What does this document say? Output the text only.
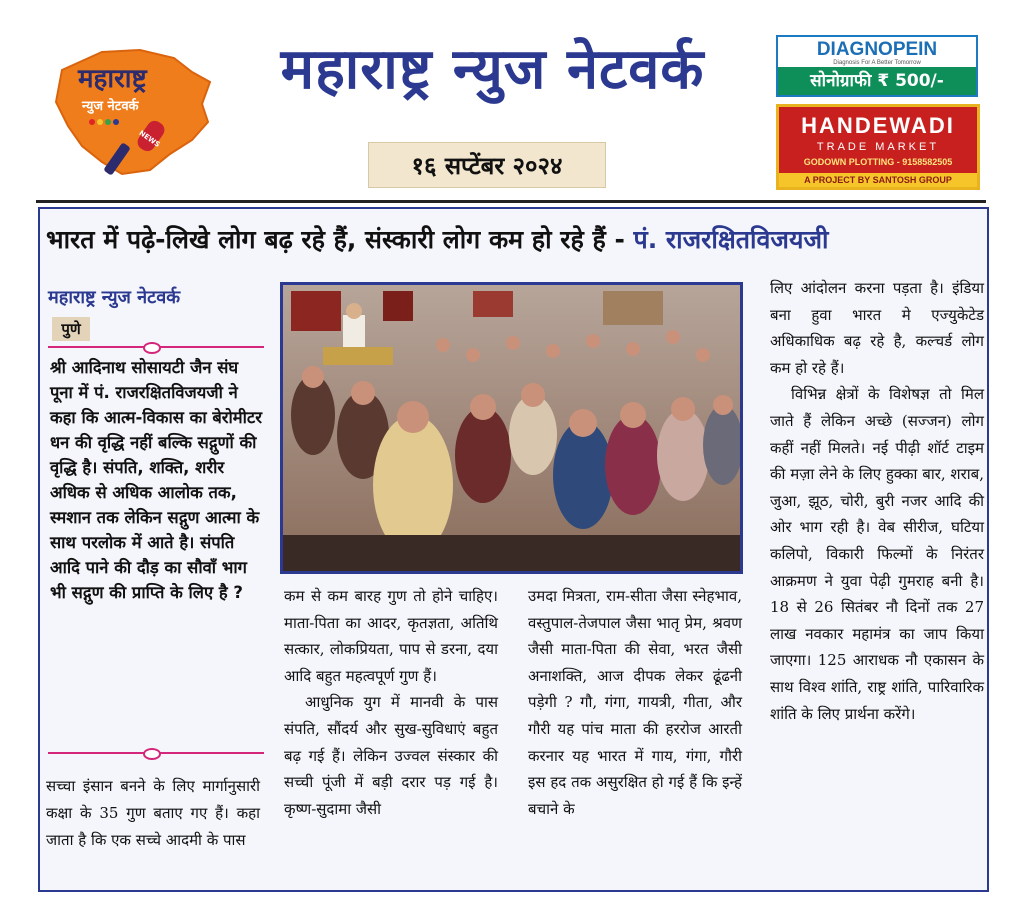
महाराष्ट्र
न्युज नेटवर्क
NEWS
महाराष्ट्र न्युज नेटवर्क
१६ सप्टेंबर २०२४
DIAGNOPEIN
Diagnosis For A Better Tomorrow
सोनोग्राफी ₹ 500/-
HANDEWADI
TRADE MARKET
GODOWN PLOTTING - 9158582505
A PROJECT BY SANTOSH GROUP
भारत में पढ़े-लिखे लोग बढ़ रहे हैं, संस्कारी लोग कम हो रहे हैं - पं. राजरक्षितविजयजी
महाराष्ट्र न्युज नेटवर्क
पुणे
श्री आदिनाथ सोसायटी जैन संघ पूना में पं. राजरक्षितविजयजी ने कहा कि आत्म-विकास का बेरोमीटर धन की वृद्धि नहीं बल्कि सद्गुणों की वृद्धि है। संपति, शक्ति, शरीर अधिक से अधिक आलोक तक, स्मशान तक लेकिन सद्गुण आत्मा के साथ परलोक में आते है। संपति आदि पाने की दौड़ का सौवाँ भाग भी सद्गुण की प्राप्ति के लिए है ?
सच्चा इंसान बनने के लिए मार्गानुसारी कक्षा के 35 गुण बताए गए हैं। कहा जाता है कि एक सच्चे आदमी के पास

कम से कम बारह गुण तो होने चाहिए। माता-पिता का आदर, कृतज्ञता, अतिथि सत्कार, लोकप्रियता, पाप से डरना, दया आदि बहुत महत्वपूर्ण गुण हैं।

आधुनिक युग में मानवी के पास संपति, सौंदर्य और सुख-सुविधाएं बहुत बढ़ गई हैं। लेकिन उज्वल संस्कार की सच्ची पूंजी में बड़ी दरार पड़ गई है। कृष्ण-सुदामा जैसी

उमदा मित्रता, राम-सीता जैसा स्नेहभाव, वस्तुपाल-तेजपाल जैसा भातृ प्रेम, श्रवण जैसी माता-पिता की सेवा, भरत जैसी अनाशक्ति, आज दीपक लेकर ढूंढनी पड़ेगी ? गौ, गंगा, गायत्री, गीता, और गौरी यह पांच माता की हररोज आरती करनार यह भारत में गाय, गंगा, गौरी इस हद तक असुरक्षित हो गई हैं कि इन्हें बचाने के

लिए आंदोलन करना पड़ता है। इंडिया बना हुवा भारत मे एज्युकेटेड अधिकाधिक बढ़ रहे है, कल्चर्ड लोग कम हो रहे हैं।

विभिन्न क्षेत्रों के विशेषज्ञ तो मिल जाते हैं लेकिन अच्छे (सज्जन) लोग कहीं नहीं मिलते। नई पीढ़ी शॉर्ट टाइम की मज़ा लेने के लिए हुक्का बार, शराब, जुआ, झूठ, चोरी, बुरी नजर आदि की ओर भाग रही है। वेब सीरीज, घटिया कलिपो, विकारी फिल्मों के निरंतर आक्रमण ने युवा पेढ़ी गुमराह बनी है। 18 से 26 सितंबर नौ दिनों तक 27 लाख नवकार महामंत्र का जाप किया जाएगा। 125 आराधक नौ एकासन के साथ विश्व शांति, राष्ट्र शांति, पारिवारिक शांति के लिए प्रार्थना करेंगे।
